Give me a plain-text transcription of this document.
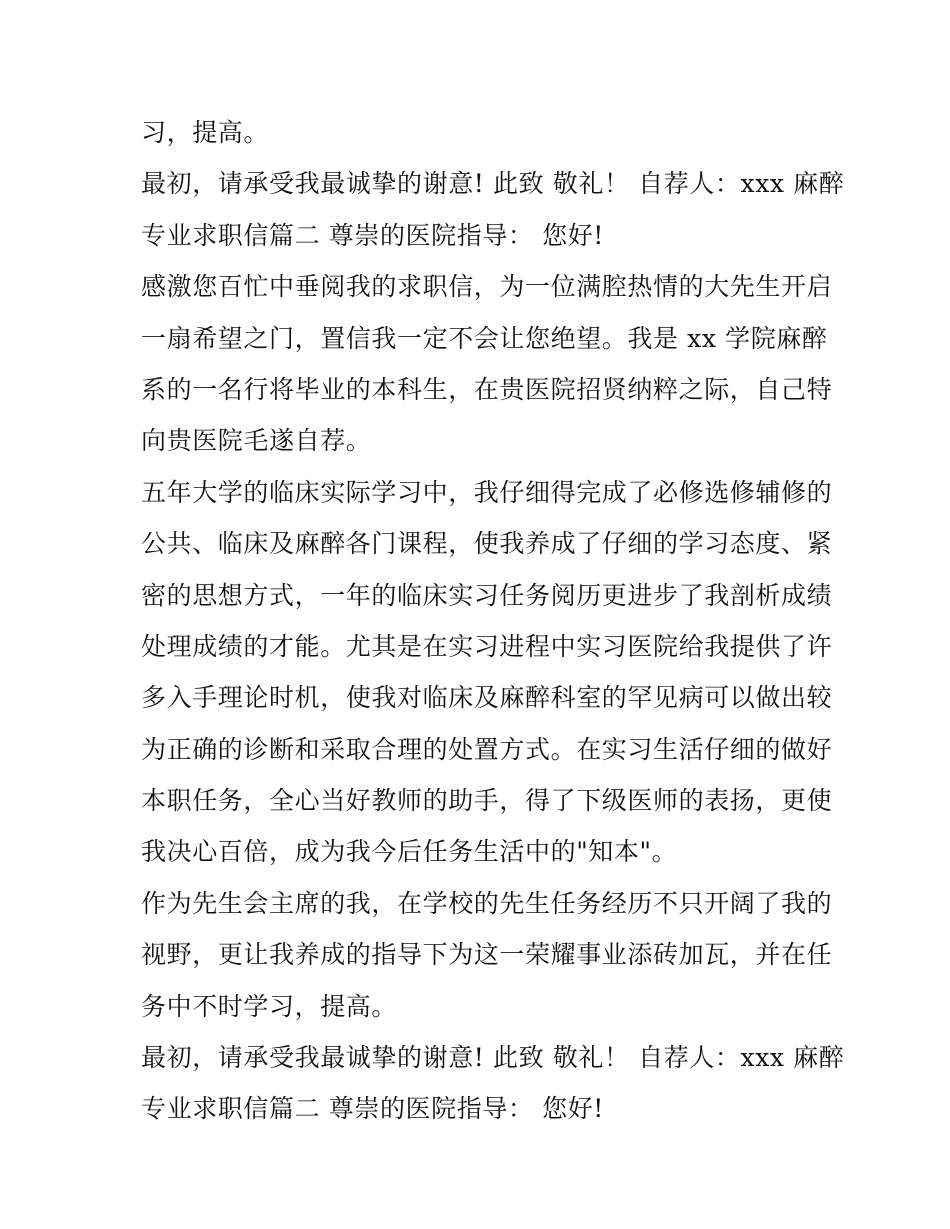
习，提高。
最初，请承受我最诚挚的谢意! 此致 敬礼！ 自荐人：xxx 麻醉
专业求职信篇二 尊崇的医院指导： 您好!
感激您百忙中垂阅我的求职信，为一位满腔热情的大先生开启
一扇希望之门，置信我一定不会让您绝望。我是 xx 学院麻醉
系的一名行将毕业的本科生，在贵医院招贤纳粹之际，自己特
向贵医院毛遂自荐。
五年大学的临床实际学习中，我仔细得完成了必修选修辅修的
公共、临床及麻醉各门课程，使我养成了仔细的学习态度、紧
密的思想方式，一年的临床实习任务阅历更进步了我剖析成绩
处理成绩的才能。尤其是在实习进程中实习医院给我提供了许
多入手理论时机，使我对临床及麻醉科室的罕见病可以做出较
为正确的诊断和采取合理的处置方式。在实习生活仔细的做好
本职任务，全心当好教师的助手，得了下级医师的表扬，更使
我决心百倍，成为我今后任务生活中的"知本"。
作为先生会主席的我，在学校的先生任务经历不只开阔了我的
视野，更让我养成的指导下为这一荣耀事业添砖加瓦，并在任
务中不时学习，提高。
最初，请承受我最诚挚的谢意! 此致 敬礼！ 自荐人：xxx 麻醉
专业求职信篇二 尊崇的医院指导： 您好!
